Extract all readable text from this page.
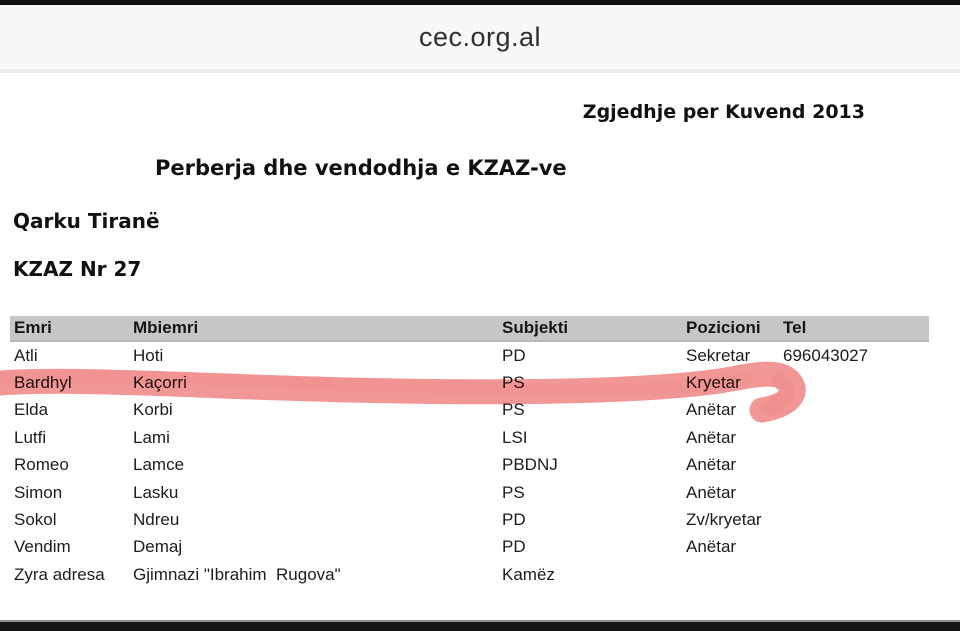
cec.org.al
Zgjedhje per Kuvend 2013
Perberja dhe vendodhja e KZAZ-ve
Qarku Tiranë
KZAZ Nr 27
Emri	Mbiemri	Subjekti	Pozicioni	Tel
Atli	Hoti	PD	Sekretar	696043027
Bardhyl	Kaçorri	PS	Kryetar
Elda	Korbi	PS	Anëtar
Lutfi	Lami	LSI	Anëtar
Romeo	Lamce	PBDNJ	Anëtar
Simon	Lasku	PS	Anëtar
Sokol	Ndreu	PD	Zv/kryetar
Vendim	Demaj	PD	Anëtar
Zyra adresa	Gjimnazi "Ibrahim  Rugova"	Kamëz
